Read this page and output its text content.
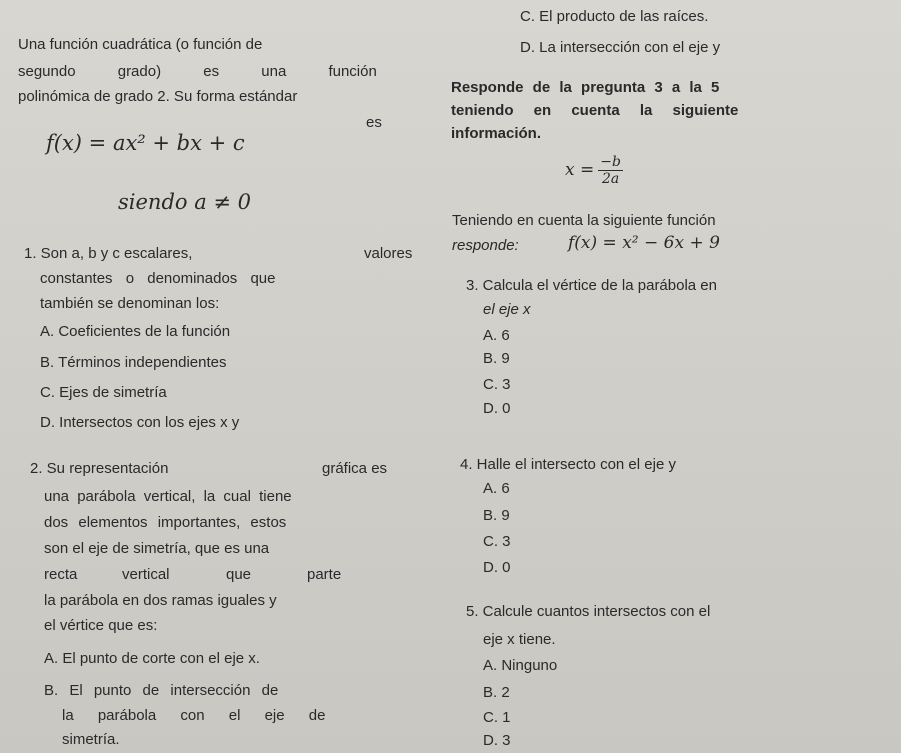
Una función cuadrática (o función de
segundo grado) es una función
polinómica de grado 2. Su forma estándar
es
f(x) = ax² + bx + c
siendo a ≠ 0
1. Son a, b y c escalares,	valores
constantes o denominados que
también se denominan los:
A. Coeficientes de la función
B. Términos independientes
C. Ejes de simetría
D. Intersectos con los ejes x y
2. Su representación	gráfica es
una parábola vertical, la cual tiene
dos elementos importantes, estos
son el eje de simetría, que es una
recta	vertical	que	parte
la parábola en dos ramas iguales y
el vértice que es:
A. El punto de corte con el eje x.
B. El punto de intersección de
la parábola con el eje de
simetría.
C. El producto de las raíces.
D. La intersección con el eje y
Responde de la pregunta 3 a la 5
teniendo en cuenta la siguiente
información.
$x = \frac{-b}{2a}$
Teniendo en cuenta la siguiente función
responde:	f(x) = x² − 6x + 9
3. Calcula el vértice de la parábola en
el eje x
A. 6
B. 9
C. 3
D. 0
4. Halle el intersecto con el eje y
A. 6
B. 9
C. 3
D. 0
5. Calcule cuantos intersectos con el
eje x tiene.
A. Ninguno
B. 2
C. 1
D. 3
